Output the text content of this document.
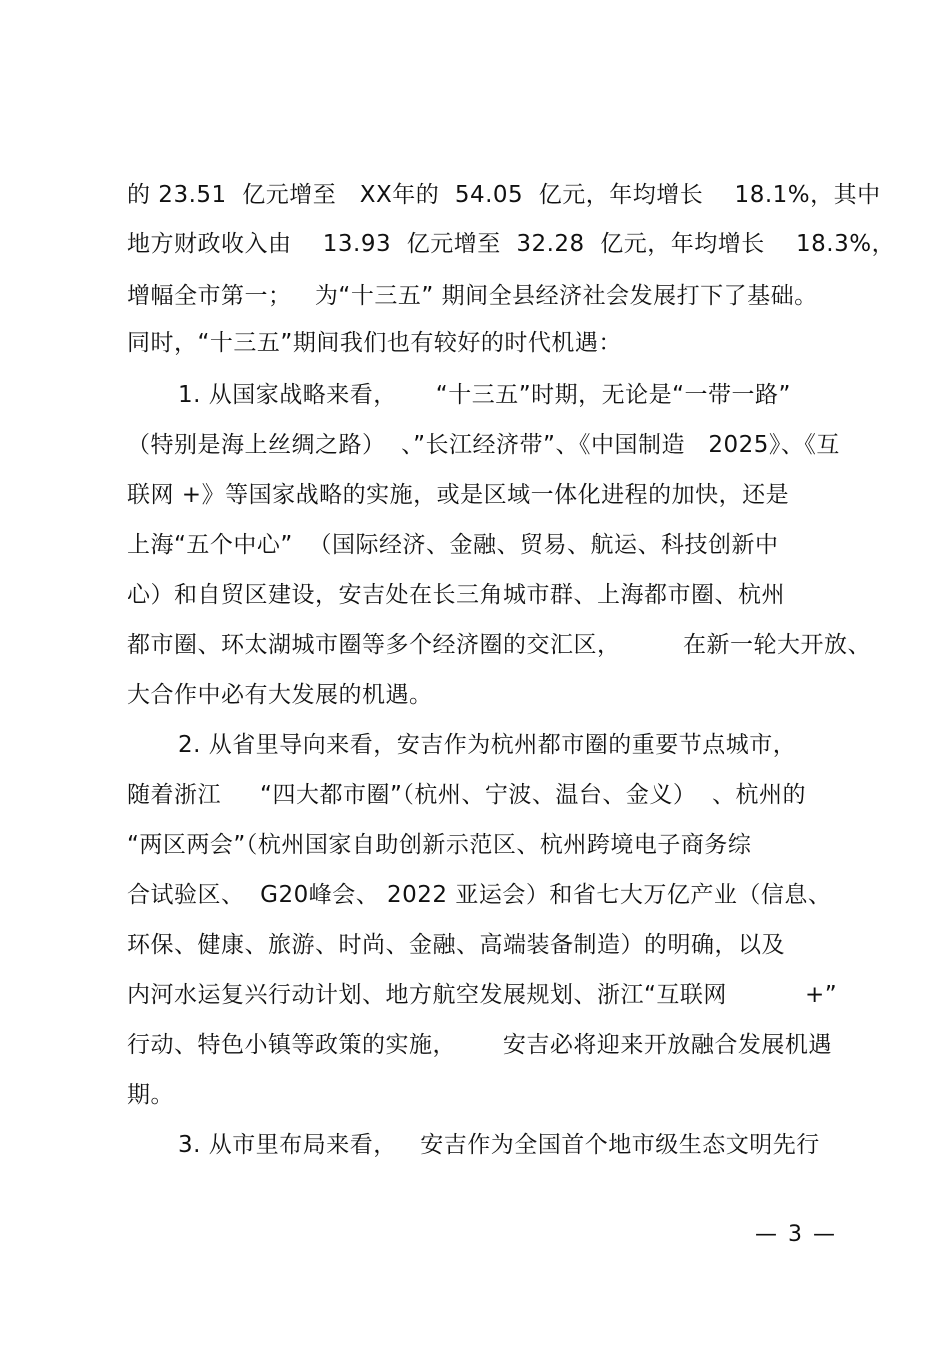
的 23.51  亿元增至   XX年的  54.05  亿元，年均增长    18.1%，其中
地方财政收入由    13.93  亿元增至  32.28  亿元，年均增长    18.3%，
增幅全市第一；   为“十三五” 期间全县经济社会发展打下了基础。
同时，“十三五”期间我们也有较好的时代机遇：
1. 从国家战略来看，     “十三五”时期，无论是“一带一路”
（特别是海上丝绸之路）  、”长江经济带”、《中国制造   2025》、《互
联网 +》等国家战略的实施，或是区域一体化进程的加快，还是
上海“五个中心”  （国际经济、金融、贸易、航运、科技创新中
心）和自贸区建设，安吉处在长三角城市群、上海都市圈、杭州
都市圈、环太湖城市圈等多个经济圈的交汇区，        在新一轮大开放、
大合作中必有大发展的机遇。
2. 从省里导向来看，安吉作为杭州都市圈的重要节点城市，
随着浙江     “四大都市圈”（杭州、宁波、温台、金义）  、杭州的
“两区两会”（杭州国家自助创新示范区、杭州跨境电子商务综
合试验区、  G20峰会、 2022 亚运会）和省七大万亿产业（信息、
环保、健康、旅游、时尚、金融、高端装备制造）的明确，以及
内河水运复兴行动计划、地方航空发展规划、浙江“互联网          +”
行动、特色小镇等政策的实施，      安吉必将迎来开放融合发展机遇
期。
3. 从市里布局来看，   安吉作为全国首个地市级生态文明先行
— 3 —
